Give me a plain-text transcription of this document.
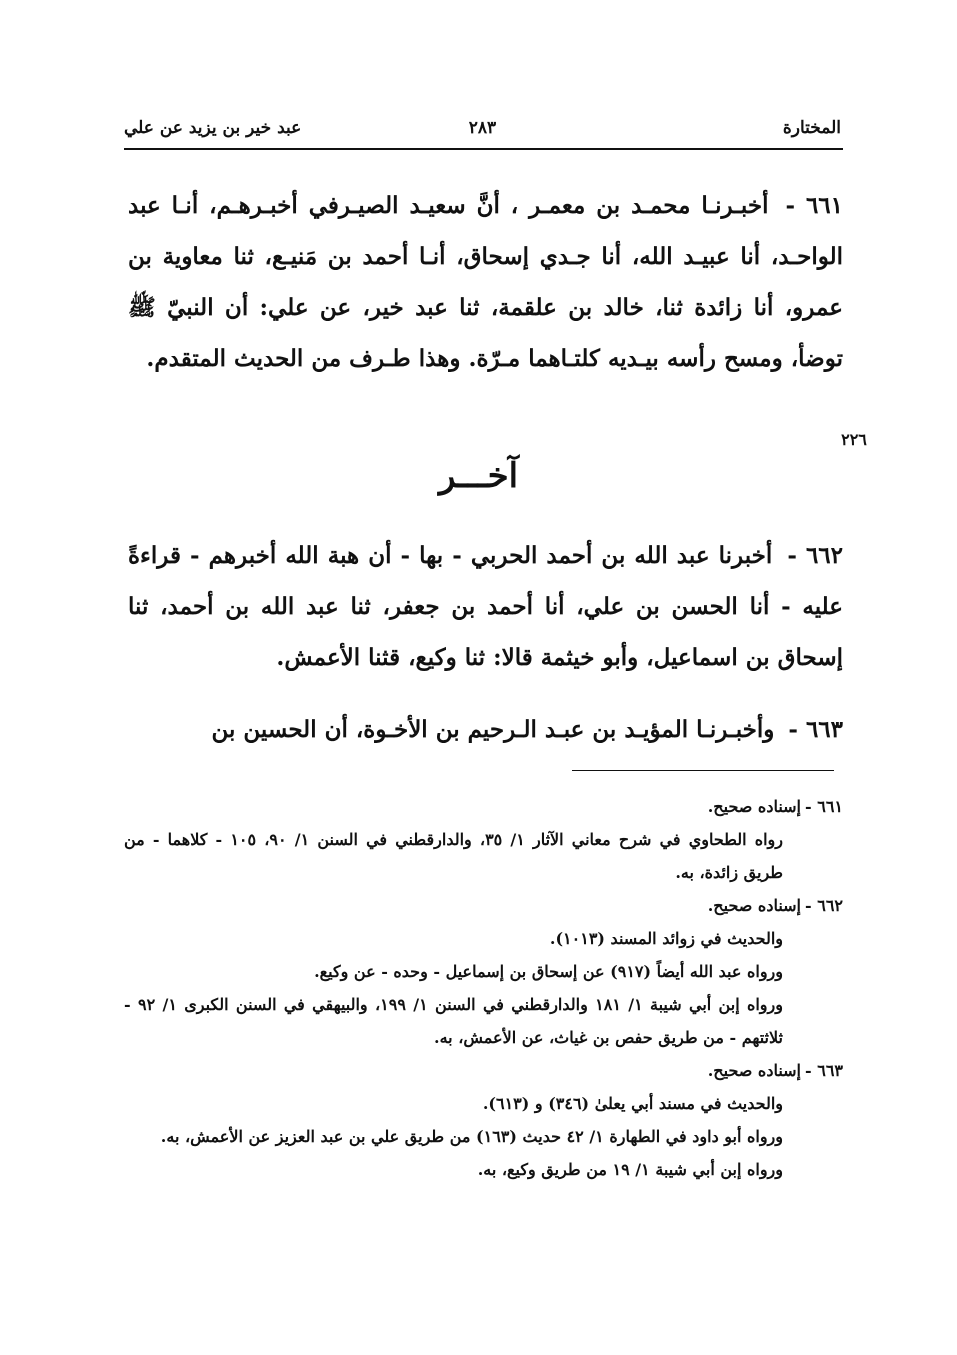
المختارة
٢٨٣
عبد خير بن يزيد عن علي
٦٦١ - أخبـرنـا محمـد بن معمـر ، أنَّ سعيـد الصيـرفي أخبـرهـم، أنـا عبد الواحـد، أنا عبيـد الله، أنا جـدي إسحاق، أنـا أحمد بن مَنيـع، ثنا معاوية بن عمرو، أنا زائدة ثنا، خالد بن علقمة، ثنا عبد خير، عن علي: أن النبيّ ﷺ توضأ، ومسح رأسه بيـديه كلتـاهما مـرّة. وهذا طـرف من الحديث المتقدم.
٢٢٦
آخـــر
٦٦٢ - أخبرنا عبد الله بن أحمد الحربي - بها - أن هبة الله أخبرهم - قراءةً عليه - أنا الحسن بن علي، أنا أحمد بن جعفر، ثنا عبد الله بن أحمد، ثنا إسحاق بن اسماعيل، وأبو خيثمة قالا: ثنا وكيع، قثنا الأعمش.
٦٦٣ - وأخبـرنـا المؤيـد بن عبـد الـرحيم بن الأخـوة، أن الحسين بن
٦٦١ -
إسناده صحيح.
رواه الطحاوي في شرح معاني الآثار ١/ ٣٥، والدارقطني في السنن ١/ ٩٠، ١٠٥ - كلاهما - من طريق زائدة، به.
٦٦٢ -
إسناده صحيح.
والحديث في زوائد المسند (١٠١٣).
ورواه عبد الله أيضاً (٩١٧) عن إسحاق بن إسماعيل - وحده - عن وكيع.
ورواه إبن أبي شيبة ١/ ١٨١ والدارقطني في السنن ١/ ١٩٩، والبيهقي في السنن الكبرى ١/ ٩٢ - ثلاثتهم - من طريق حفص بن غياث، عن الأعمش، به.
٦٦٣ -
إسناده صحيح.
والحديث في مسند أبي يعلىٰ (٣٤٦) و (٦١٣).
ورواه أبو داود في الطهارة ١/ ٤٢ حديث (١٦٣) من طريق علي بن عبد العزيز عن الأعمش، به.
ورواه إبن أبي شيبة ١/ ١٩ من طريق وكيع، به.
